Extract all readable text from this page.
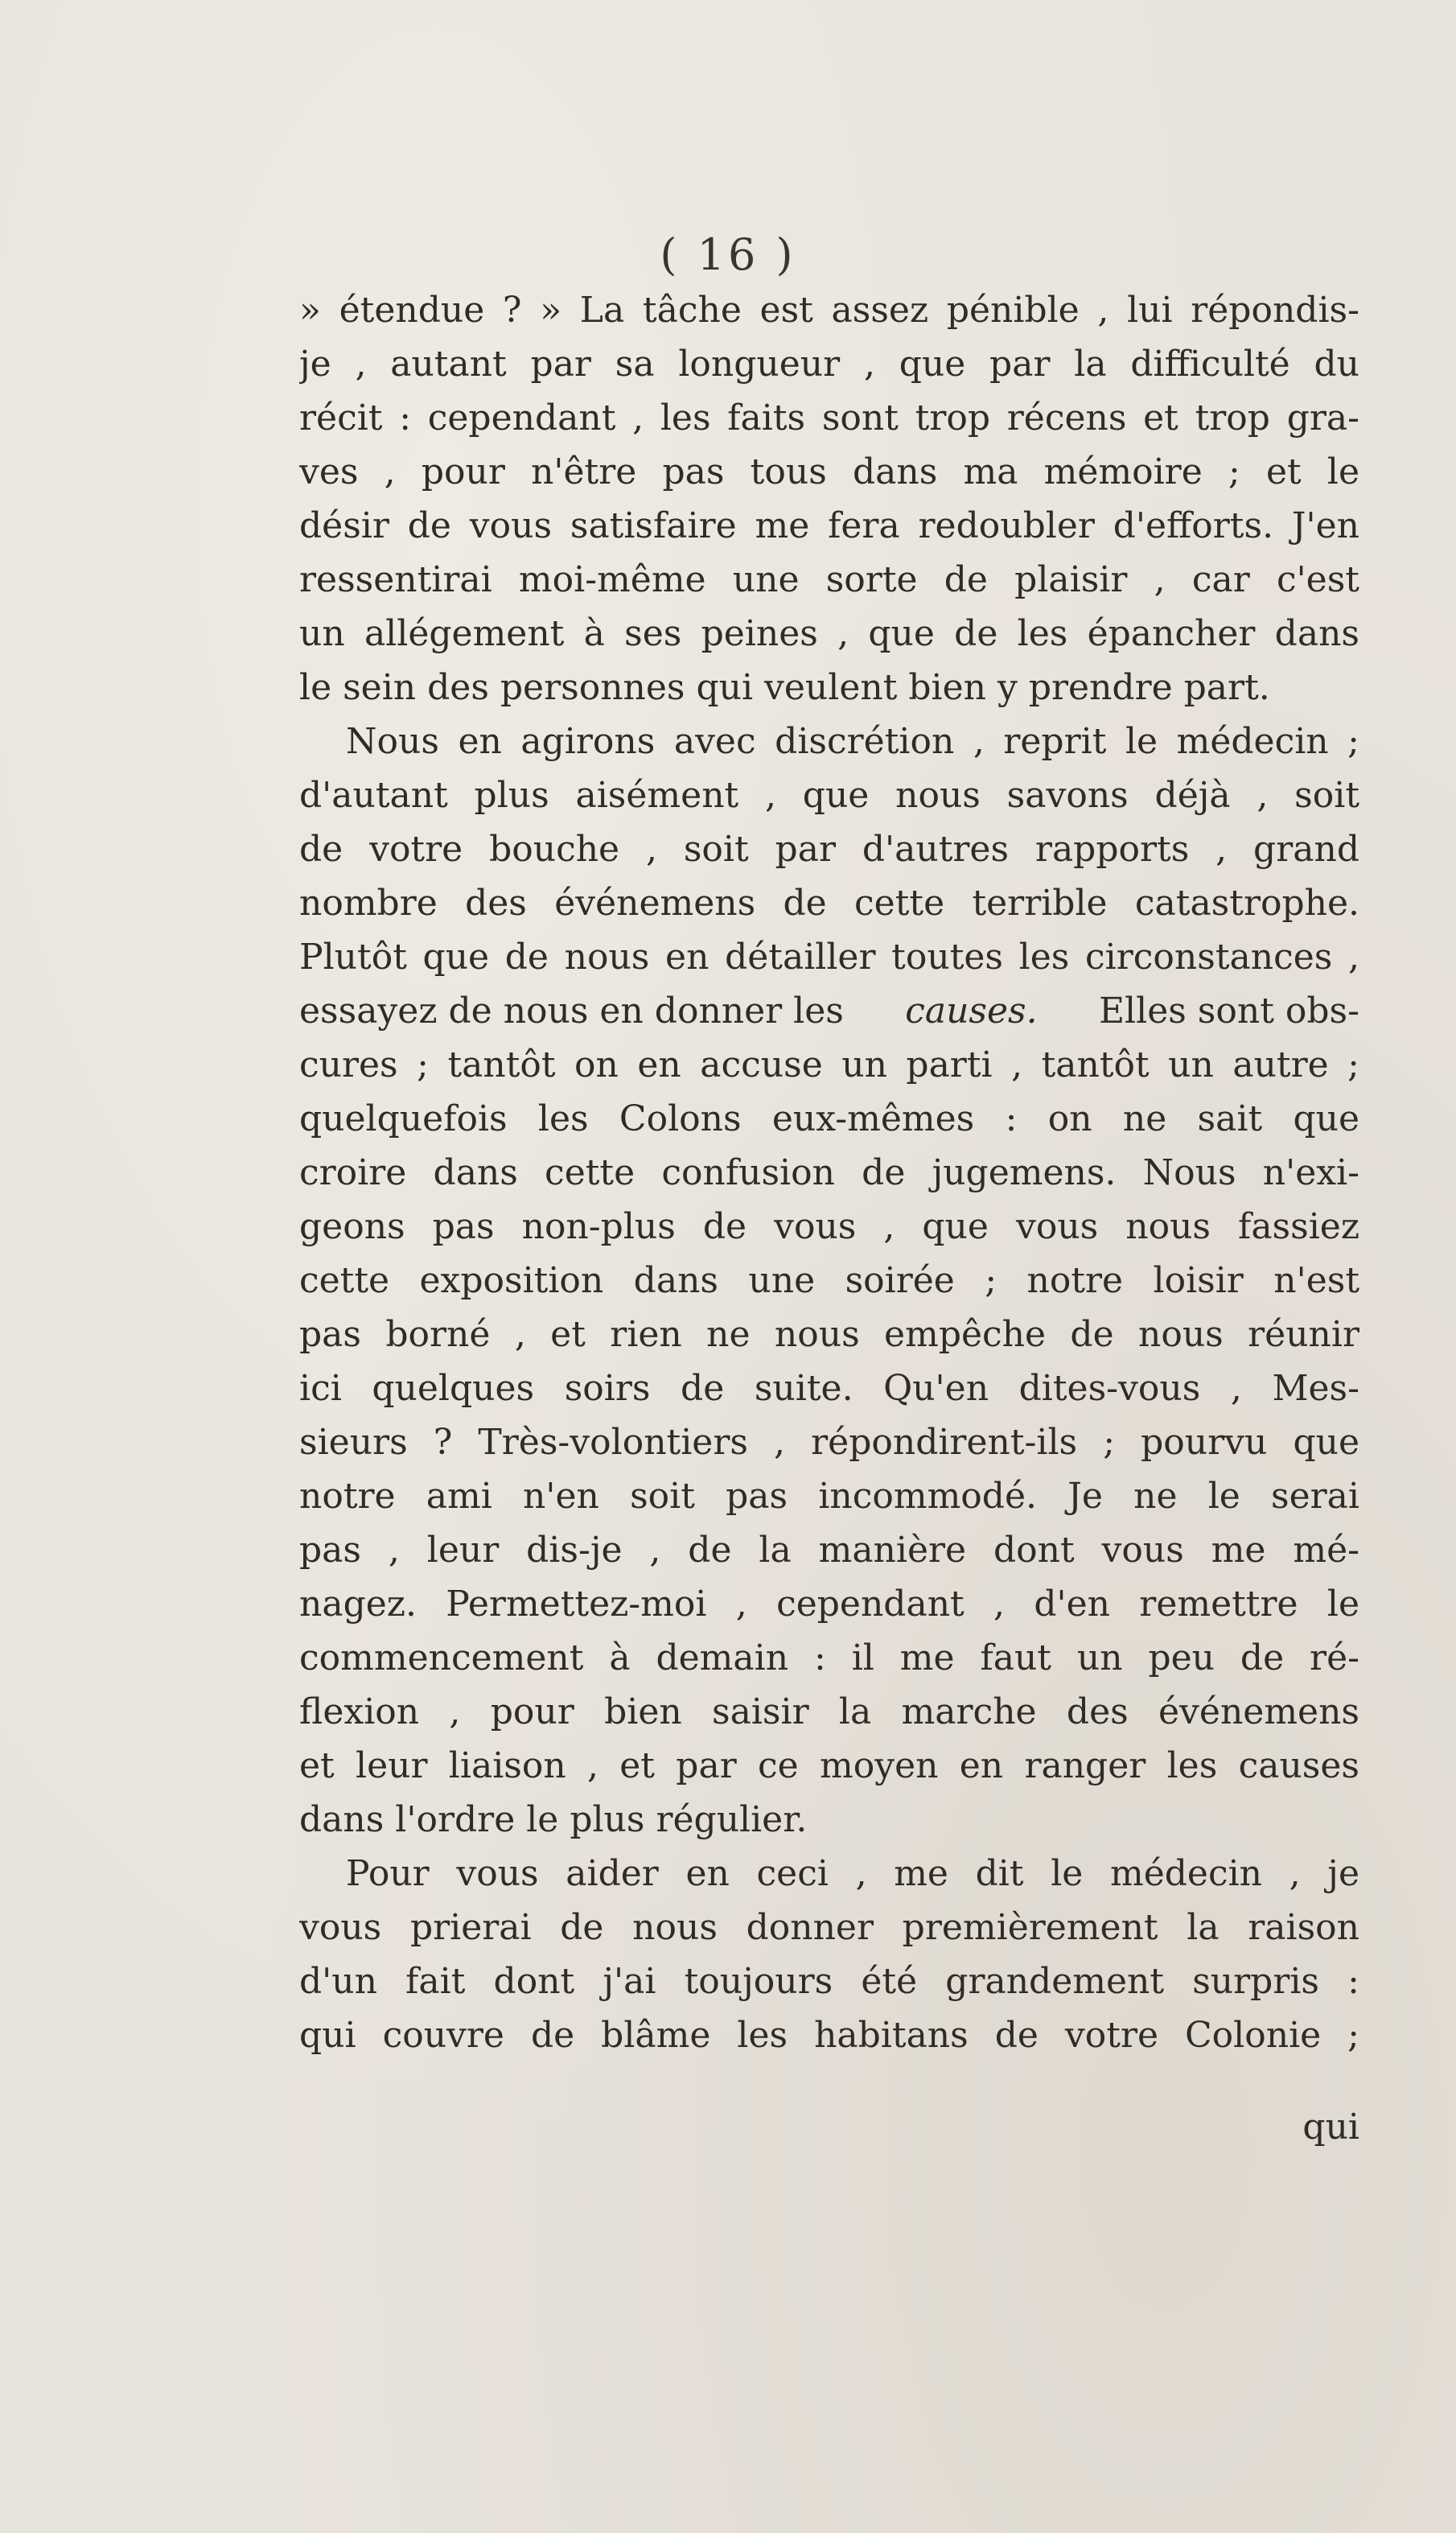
( 16 )
» étendue ? » La tâche est assez pénible , lui répondis-
je , autant par sa longueur , que par la difficulté du
récit : cependant , les faits sont trop récens et trop gra-
ves , pour n'être pas tous dans ma mémoire ; et le
désir de vous satisfaire me fera redoubler d'efforts. J'en
ressentirai moi-même une sorte de plaisir , car c'est
un allégement à ses peines , que de les épancher dans
le sein des personnes qui veulent bien y prendre part.
Nous en agirons avec discrétion , reprit le médecin ;
d'autant plus aisément , que nous savons déjà , soit
de votre bouche , soit par d'autres rapports , grand
nombre des événemens de cette terrible catastrophe.
Plutôt que de nous en détailler toutes les circonstances ,
essayez de nous en donner les causes. Elles sont obs-
cures ; tantôt on en accuse un parti , tantôt un autre ;
quelquefois les Colons eux-mêmes : on ne sait que
croire dans cette confusion de jugemens. Nous n'exi-
geons pas non-plus de vous , que vous nous fassiez
cette exposition dans une soirée ; notre loisir n'est
pas borné , et rien ne nous empêche de nous réunir
ici quelques soirs de suite. Qu'en dites-vous , Mes-
sieurs ? Très-volontiers , répondirent-ils ; pourvu que
notre ami n'en soit pas incommodé. Je ne le serai
pas , leur dis-je , de la manière dont vous me mé-
nagez. Permettez-moi , cependant , d'en remettre le
commencement à demain : il me faut un peu de ré-
flexion , pour bien saisir la marche des événemens
et leur liaison , et par ce moyen en ranger les causes
dans l'ordre le plus régulier.
Pour vous aider en ceci , me dit le médecin , je
vous prierai de nous donner premièrement la raison
d'un fait dont j'ai toujours été grandement surpris :
qui couvre de blâme les habitans de votre Colonie ;
qui
